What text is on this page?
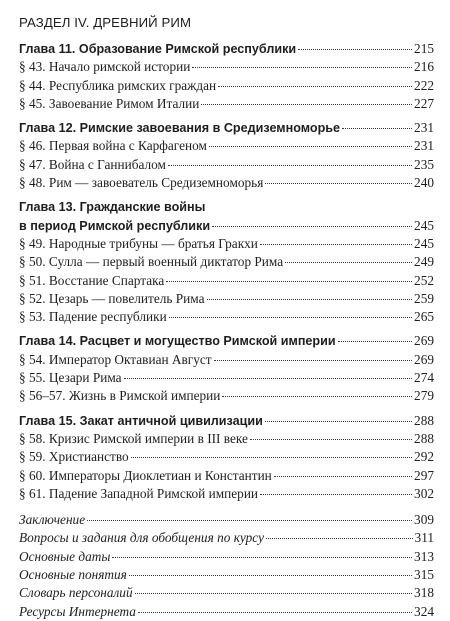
РАЗДЕЛ IV. ДРЕВНИЙ РИМ
Глава 11. Образование Римской республики	215
§ 43. Начало римской истории	216
§ 44. Республика римских граждан	222
§ 45. Завоевание Римом Италии	227
Глава 12. Римские завоевания в Средиземноморье	231
§ 46. Первая война с Карфагеном	231
§ 47. Война с Ганнибалом	235
§ 48. Рим — завоеватель Средиземноморья	240
Глава 13. Гражданские войны
в период Римской республики	245
§ 49. Народные трибуны — братья Гракхи	245
§ 50. Сулла — первый военный диктатор Рима	249
§ 51. Восстание Спартака	252
§ 52. Цезарь — повелитель Рима	259
§ 53. Падение республики	265
Глава 14. Расцвет и могущество Римской империи	269
§ 54. Император Октавиан Август	269
§ 55. Цезари Рима	274
§ 56–57. Жизнь в Римской империи	279
Глава 15. Закат античной цивилизации	288
§ 58. Кризис Римской империи в III веке	288
§ 59. Христианство	292
§ 60. Императоры Диоклетиан и Константин	297
§ 61. Падение Западной Римской империи	302
Заключение	309
Вопросы и задания для обобщения по курсу	311
Основные даты	313
Основные понятия	315
Словарь персоналий	318
Ресурсы Интернета	324
